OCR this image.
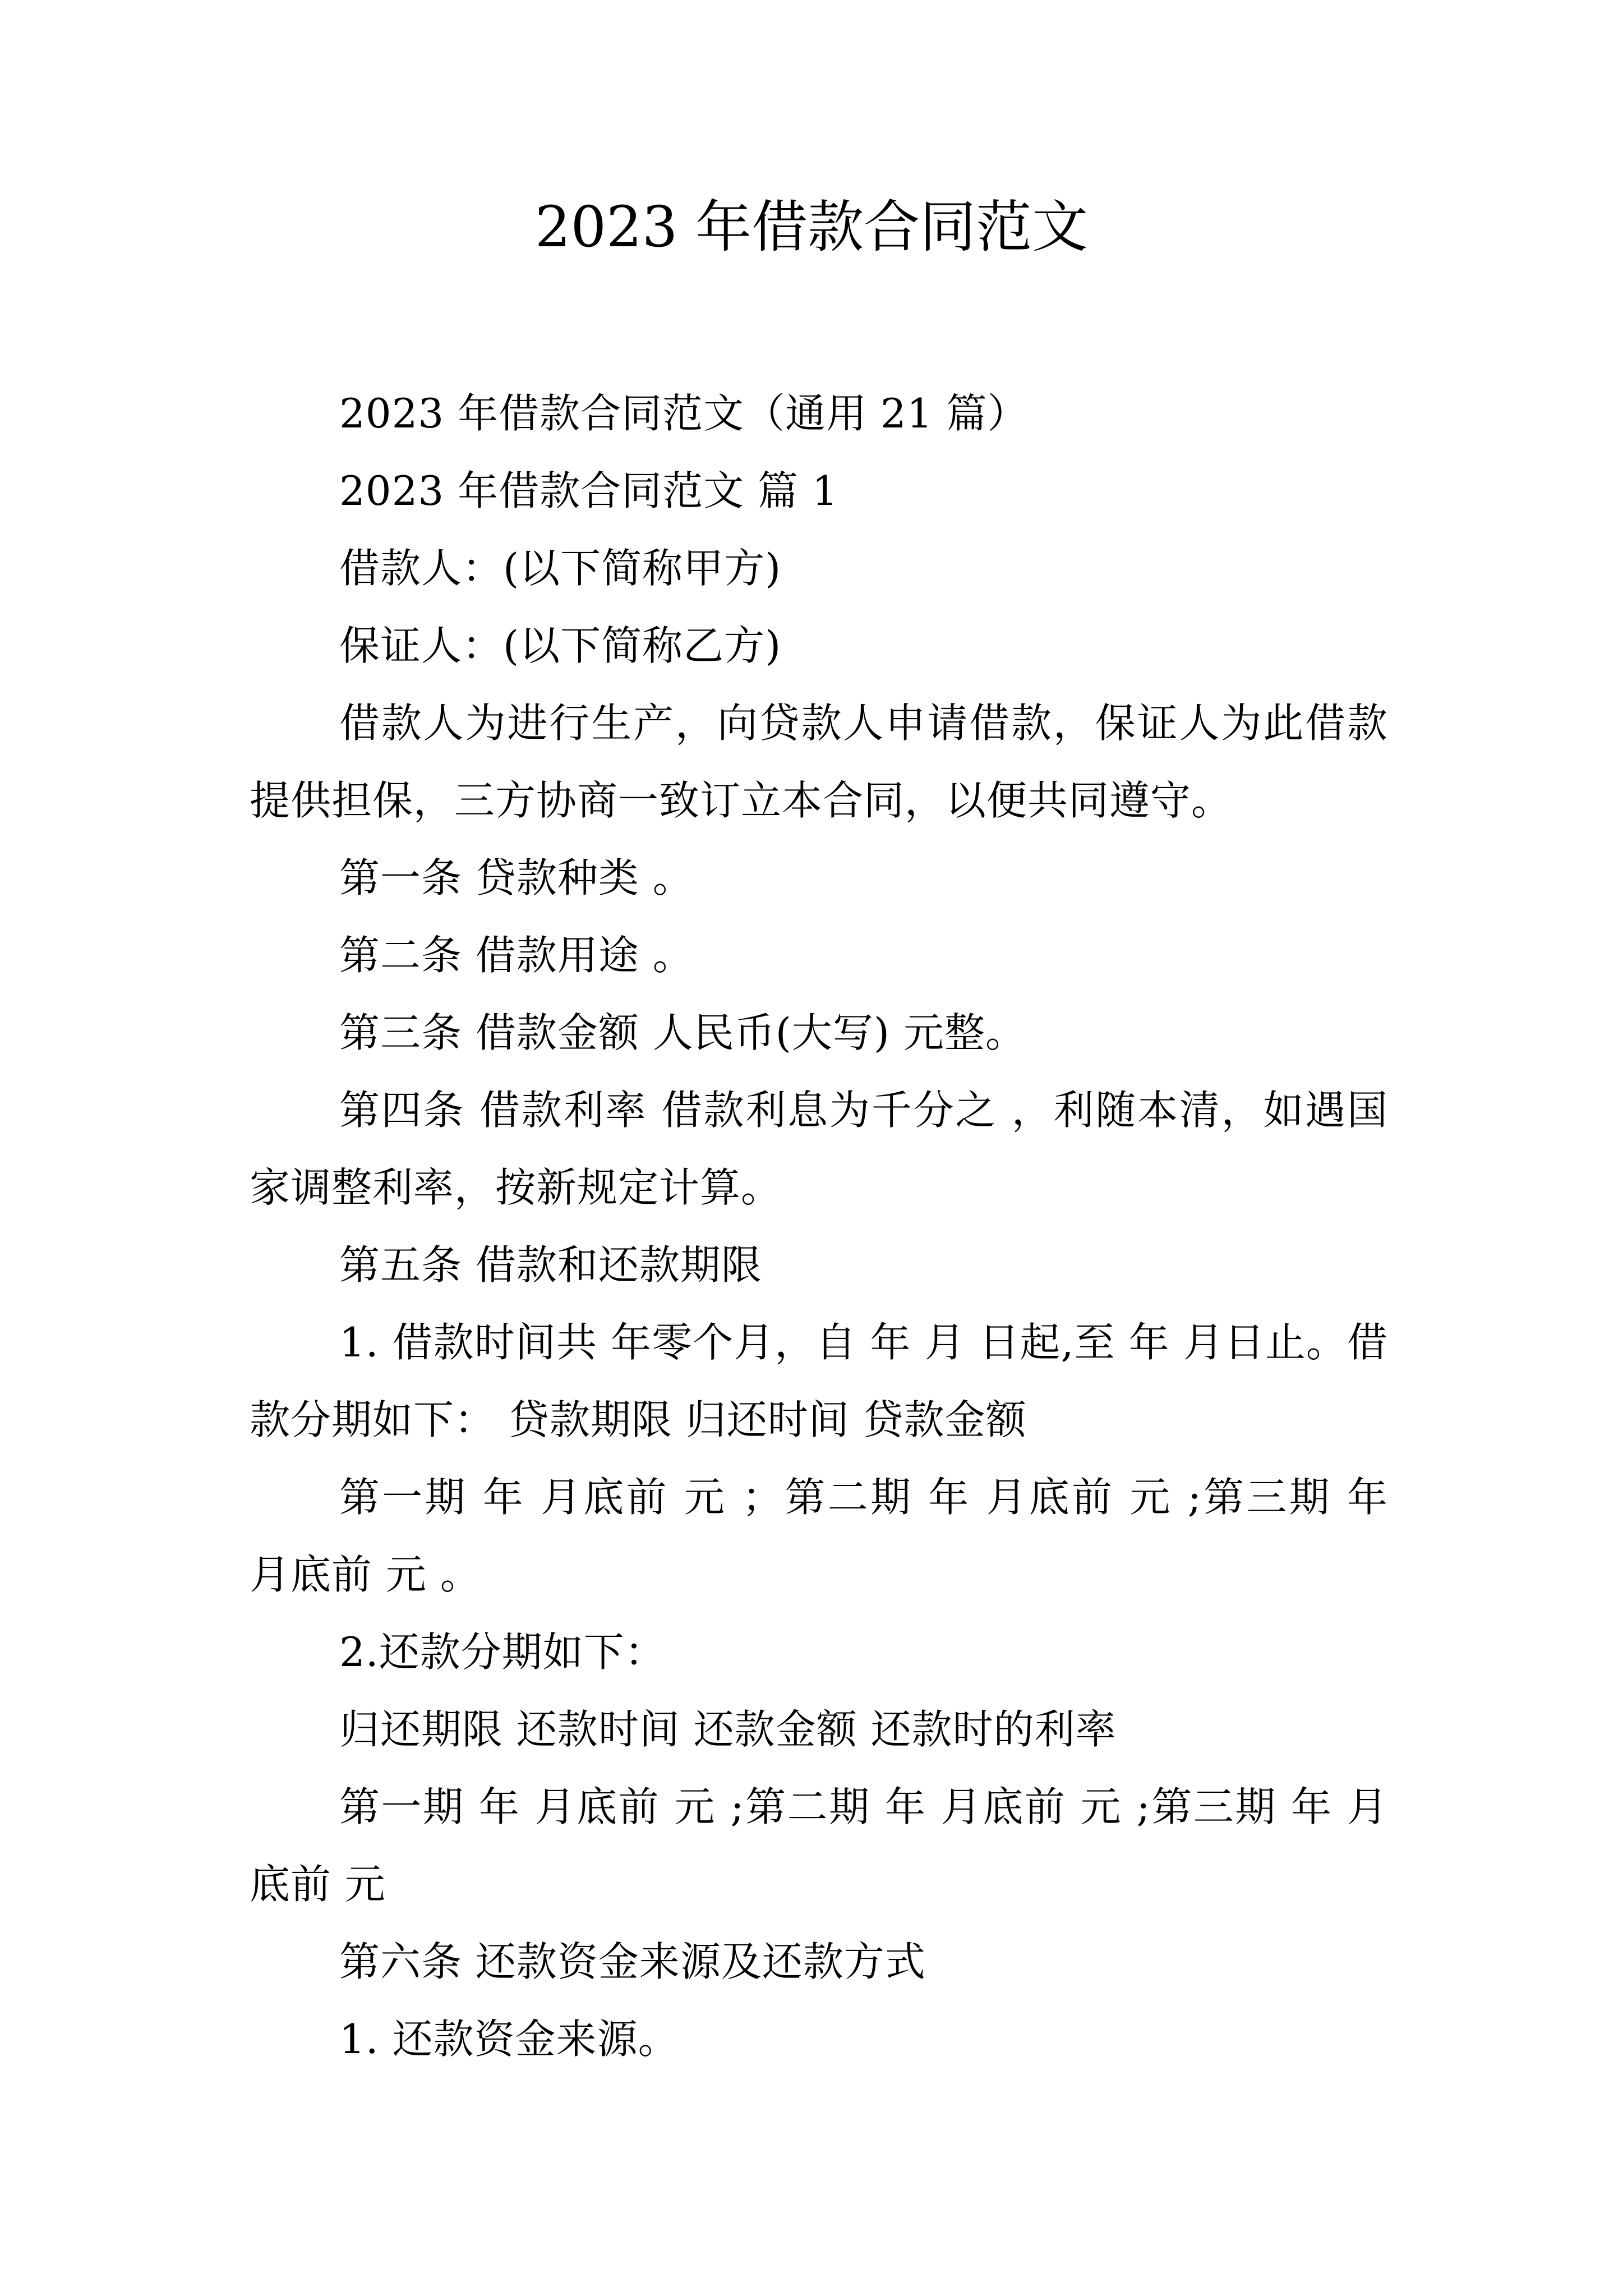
2023 年借款合同范文

2023 年借款合同范文（通用 21 篇）

2023 年借款合同范文 篇 1

借款人：(以下简称甲方)

保证人：(以下简称乙方)

借款人为进行生产，向贷款人申请借款，保证人为此借款提供担保，三方协商一致订立本合同，以便共同遵守。

第一条 贷款种类 。

第二条 借款用途 。

第三条 借款金额 人民币(大写) 元整。

第四条 借款利率 借款利息为千分之 ，利随本清，如遇国家调整利率，按新规定计算。

第五条 借款和还款期限

1. 借款时间共 年零个月，自 年 月 日起,至 年 月日止。借款分期如下： 贷款期限 归还时间 贷款金额

第一期 年 月底前 元 ；第二期 年 月底前 元 ;第三期 年 月底前 元 。

2.还款分期如下：

归还期限 还款时间 还款金额 还款时的利率

第一期 年 月底前 元 ;第二期 年 月底前 元 ;第三期 年 月底前 元

第六条 还款资金来源及还款方式

1. 还款资金来源。
